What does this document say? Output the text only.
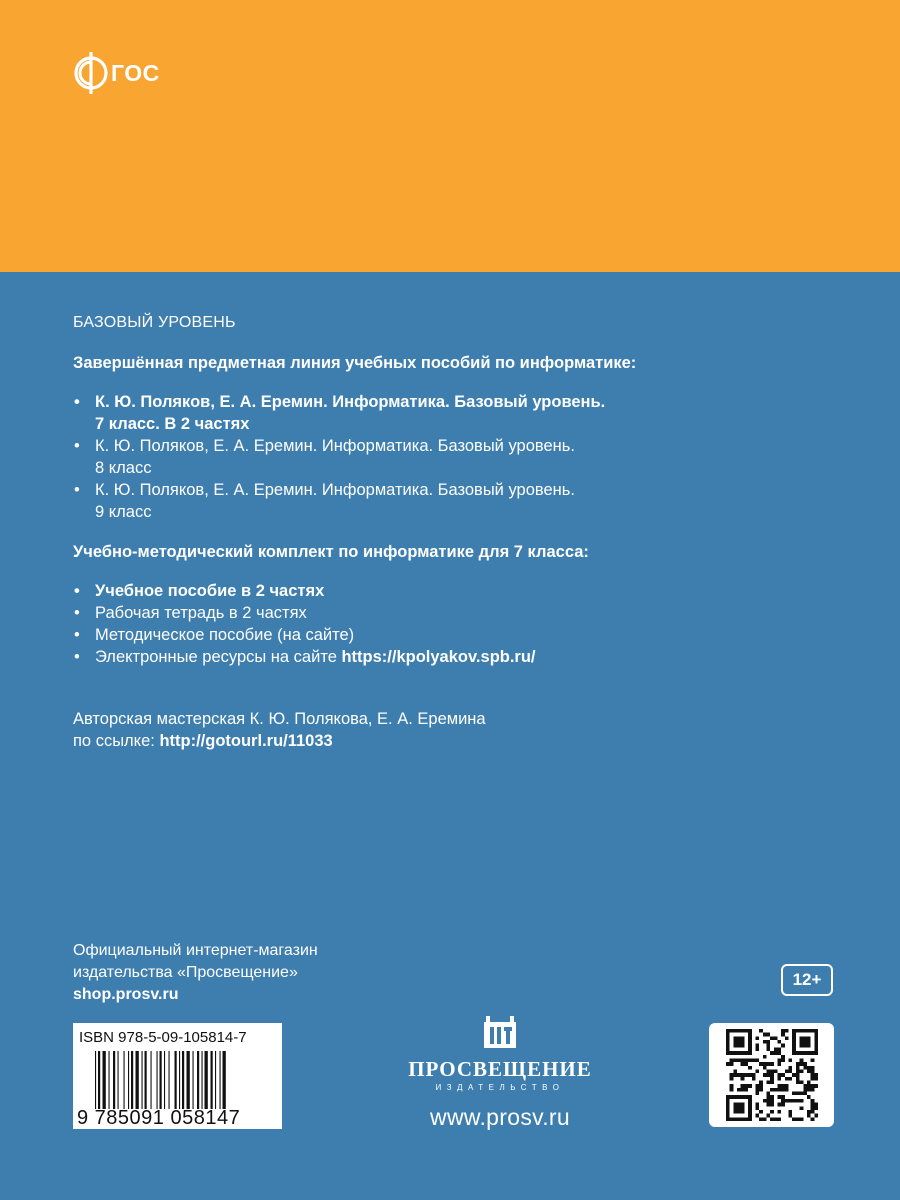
ГОС
БАЗОВЫЙ УРОВЕНЬ
Завершённая предметная линия учебных пособий по информатике:
• К. Ю. Поляков, Е. А. Еремин. Информатика. Базовый уровень.
7 класс. В 2 частях
• К. Ю. Поляков, Е. А. Еремин. Информатика. Базовый уровень.
8 класс
• К. Ю. Поляков, Е. А. Еремин. Информатика. Базовый уровень.
9 класс
Учебно-методический комплект по информатике для 7 класса:
• Учебное пособие в 2 частях
• Рабочая тетрадь в 2 частях
• Методическое пособие (на сайте)
• Электронные ресурсы на сайте https://kpolyakov.spb.ru/
Авторская мастерская К. Ю. Полякова, Е. А. Еремина
по ссылке: http://gotourl.ru/11033
Официальный интернет-магазин
издательства «Просвещение»
shop.prosv.ru
12+
ISBN 978-5-09-105814-7
9 785091 058147
ПРОСВЕЩЕНИЕ
ИЗДАТЕЛЬСТВО
www.prosv.ru
